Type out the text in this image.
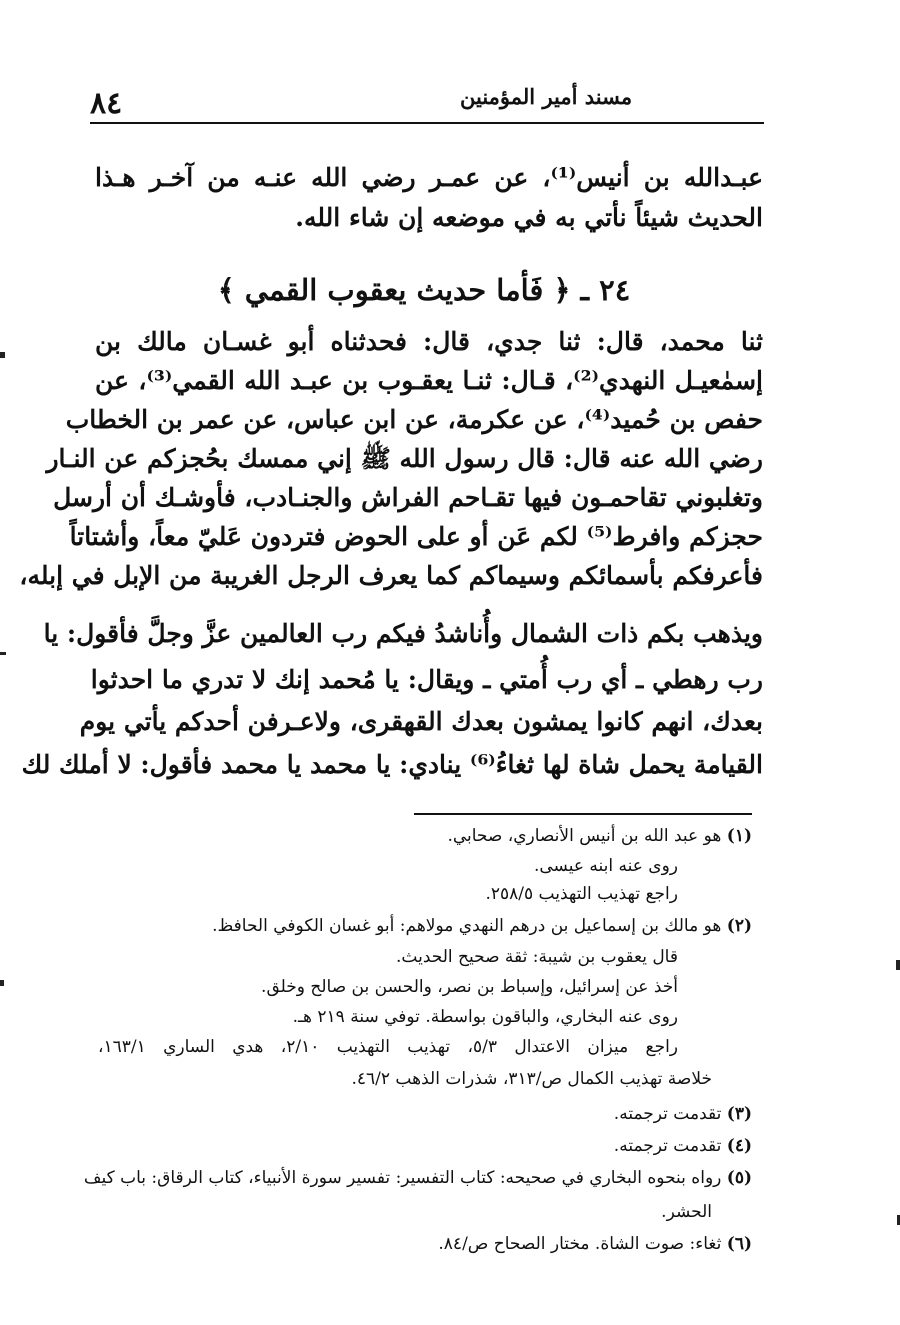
٨٤	مسند أمير المؤمنين
عبـدالله بن أنيس⁽¹⁾، عن عمـر رضي الله عنـه من آخـر هـذا
الحديث شيئاً نأتي به في موضعه إن شاء الله.
٢٤ ـ ﴿ فَأما حديث يعقوب القمي ﴾
ثنا محمد، قال: ثنا جدي، قال: فحدثناه أبو غسـان مالك بن
إسمٰعيـل النهدي⁽²⁾، قـال: ثنـا يعقـوب بن عبـد الله القمي⁽³⁾، عن
حفص بن حُميد⁽⁴⁾، عن عكرمة، عن ابن عباس، عن عمر بن الخطاب
رضي الله عنه قال: قال رسول الله ﷺ إني ممسك بحُجزكم عن النـار
وتغلبوني تقاحمـون فيها تقـاحم الفراش والجنـادب، فأوشـك أن أرسل
حجزكم وافرط⁽⁵⁾ لكم عَن أو على الحوض فتردون عَليّ معاً، وأشتاتاً
فأعرفكم بأسمائكم وسيماكم كما يعرف الرجل الغريبة من الإبل في إبله،
ويذهب بكم ذات الشمال وأُناشدُ فيكم رب العالمين عزَّ وجلَّ فأقول: يا
رب رهطي ـ أي رب أُمتي ـ ويقال: يا مُحمد إنك لا تدري ما احدثوا
بعدك، انهم كانوا يمشون بعدك القهقرى، ولاعـرفن أحدكم يأتي يوم
القيامة يحمل شاة لها ثغاءُ⁽⁶⁾ ينادي: يا محمد يا محمد فأقول: لا أملك لك
(١) هو عبد الله بن أنيس الأنصاري، صحابي.
روى عنه ابنه عيسى.
راجع تهذيب التهذيب ٢٥٨/٥.
(٢) هو مالك بن إسماعيل بن درهم النهدي مولاهم: أبو غسان الكوفي الحافظ.
قال يعقوب بن شيبة: ثقة صحيح الحديث.
أخذ عن إسرائيل، وإسباط بن نصر، والحسن بن صالح وخلق.
روى عنه البخاري، والباقون بواسطة. توفي سنة ٢١٩ هـ.
راجع ميزان الاعتدال ٥/٣، تهذيب التهذيب ٢/١٠، هدي الساري ١٦٣/١،
خلاصة تهذيب الكمال ص/٣١٣، شذرات الذهب ٤٦/٢.
(٣) تقدمت ترجمته.
(٤) تقدمت ترجمته.
(٥) رواه بنحوه البخاري في صحيحه: كتاب التفسير: تفسير سورة الأنبياء، كتاب الرقاق: باب كيف
الحشر.
(٦) ثغاء: صوت الشاة. مختار الصحاح ص/٨٤.
